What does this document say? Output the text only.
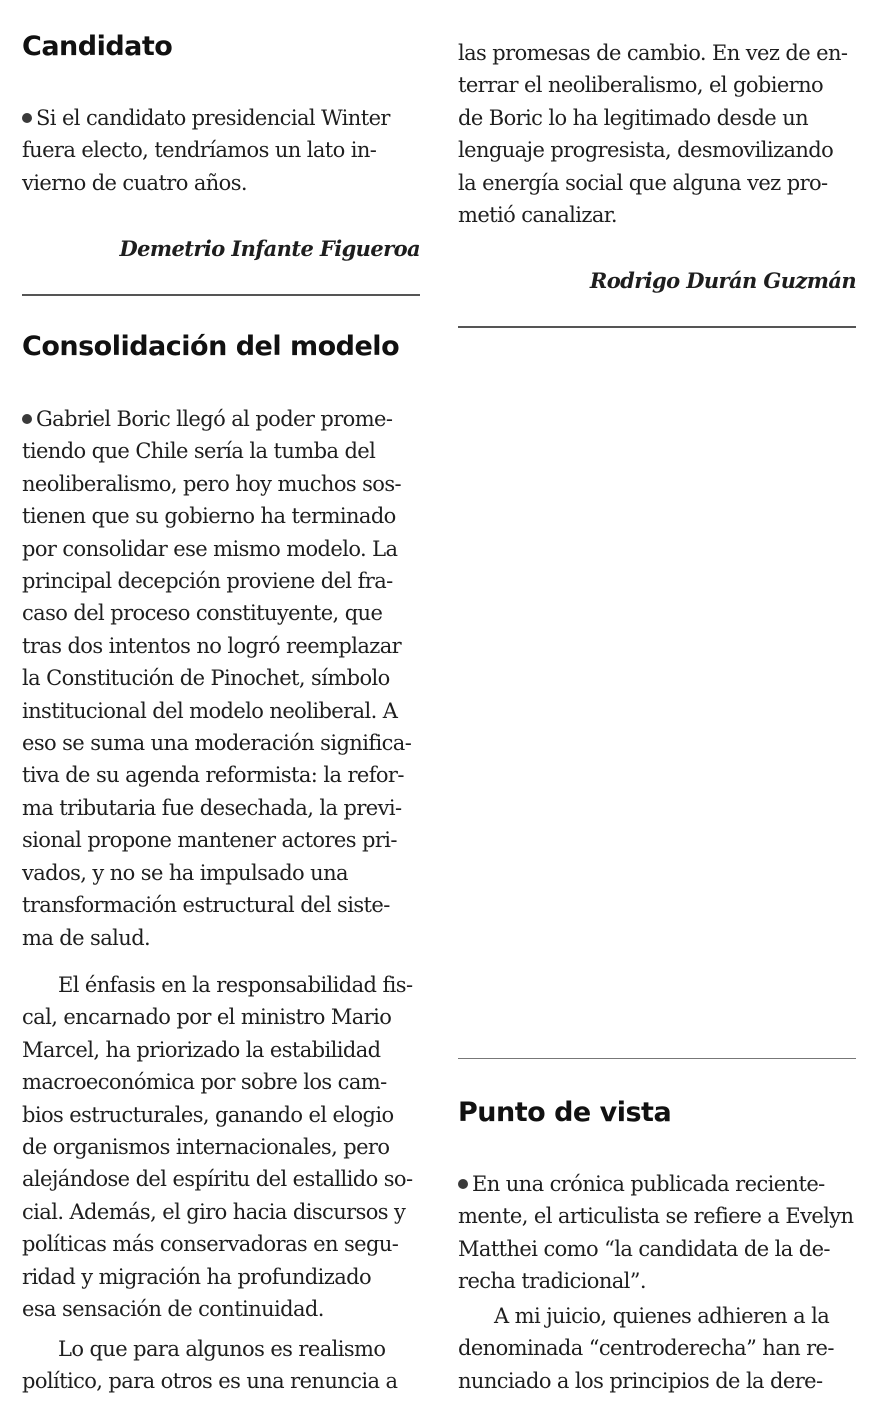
Candidato
Si el candidato presidencial Winter
fuera electo, tendríamos un lato in-
vierno de cuatro años.

Demetrio Infante Figueroa

Consolidación del modelo
Gabriel Boric llegó al poder prome-
tiendo que Chile sería la tumba del
neoliberalismo, pero hoy muchos sos-
tienen que su gobierno ha terminado
por consolidar ese mismo modelo. La
principal decepción proviene del fra-
caso del proceso constituyente, que
tras dos intentos no logró reemplazar
la Constitución de Pinochet, símbolo
institucional del modelo neoliberal. A
eso se suma una moderación significa-
tiva de su agenda reformista: la refor-
ma tributaria fue desechada, la previ-
sional propone mantener actores pri-
vados, y no se ha impulsado una
transformación estructural del siste-
ma de salud.
El énfasis en la responsabilidad fis-
cal, encarnado por el ministro Mario
Marcel, ha priorizado la estabilidad
macroeconómica por sobre los cam-
bios estructurales, ganando el elogio
de organismos internacionales, pero
alejándose del espíritu del estallido so-
cial. Además, el giro hacia discursos y
políticas más conservadoras en segu-
ridad y migración ha profundizado
esa sensación de continuidad.
Lo que para algunos es realismo
político, para otros es una renuncia a
las promesas de cambio. En vez de en-
terrar el neoliberalismo, el gobierno
de Boric lo ha legitimado desde un
lenguaje progresista, desmovilizando
la energía social que alguna vez pro-
metió canalizar.

Rodrigo Durán Guzmán

Punto de vista
En una crónica publicada reciente-
mente, el articulista se refiere a Evelyn
Matthei como “la candidata de la de-
recha tradicional”.
A mi juicio, quienes adhieren a la
denominada “centroderecha” han re-
nunciado a los principios de la dere-
